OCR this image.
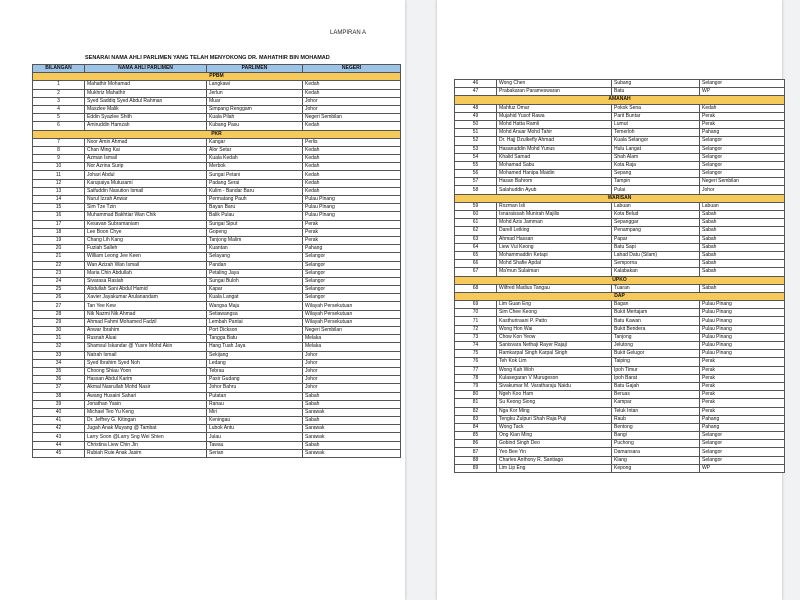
LAMPIRAN A
SENARAI NAMA AHLI PARLIMEN YANG TELAH MENYOKONG DR. MAHATHIR BIN MOHAMAD
BILANGAN	NAMA AHLI PARLIMEN	PARLIMEN	NEGERI
PPBM			
1	Mahathir Mohamad	Langkawi	Kedah
2	Mukhriz Mahathir	Jerlun	Kedah
3	Syed Saddiq Syed Abdul Rahman	Muar	Johor
4	Maszlee Malik	Simpang Renggam	Johor
5	Eddin Syazlee Shith	Kuala Pilah	Negeri Sembilan
6	Amiruddin Hamzah	Kubang Pasu	Kedah
PKR			
7	Noor Amin Ahmad	Kangar	Perlis
8	Chan Ming Kai	Alor Setar	Kedah
9	Azman Ismail	Kuala Kedah	Kedah
10	Nor Azrina Surip	Merbok	Kedah
11	Johari Abdul	Sungai Petani	Kedah
12	Karupaiya Mutusami	Padang Serai	Kedah
13	Saifuddin Nasution Ismail	Kulim - Bandar Baru	Kedah
14	Nurul Izzah Anwar	Permatang Pauh	Pulau Pinang
15	Sim Tze Tzin	Bayan Baru	Pulau Pinang
16	Muhammad Bakhtiar Wan Chik	Balik Pulau	Pulau Pinang
17	Kesavan Subramaniam	Sungai Siput	Perak
18	Lee Boon Chye	Gopeng	Perak
19	Chang Lih Kang	Tanjong Malim	Perak
20	Fuziah Salleh	Kuantan	Pahang
21	William Leong Jee Keen	Selayang	Selangor
22	Wan Azizah Wan Ismail	Pandan	Selangor
23	Maria Chin Abdullah	Petaling Jaya	Selangor
24	Sivarasa Rasiah	Sungai Buloh	Selangor
25	Abdullah Sani Abdul Hamid	Kapar	Selangor
26	Xavier Jayakumar Arulanandam	Kuala Langat	Selangor
27	Tan Yee Kew	Wangsa Maju	Wilayah Persekutuan
28	Nik Nazmi Nik Ahmad	Setiawangsa	Wilayah Persekutuan
29	Ahmad Fahmi Mohamed Fadzil	Lembah Pantai	Wilayah Persekutuan
30	Anwar Ibrahim	Port Dickson	Negeri Sembilan
31	Rusnah Aluai	Tangga Batu	Melaka
32	Shamsul Iskandar @ Yusre Mohd Akin	Hang Tuah Jaya	Melaka
33	Natrah Ismail	Sekijang	Johor
34	Syed Ibrahim Syed Noh	Ledang	Johor
35	Choong Shiau Yoon	Tebrau	Johor
36	Hassan Abdul Karim	Pasir Gudang	Johor
37	Akmal Nasrullah Mohd Nasir	Johor Bahru	Johor
38	Awang Husaini Sahari	Putatan	Sabah
39	Jonathan Yasin	Ranau	Sabah
40	Michael Teo Yu Keng	Miri	Sarawak
41	Dr. Jeffrey G. Kitingan	Keningau	Sabah
42	Jugah Anak Muyang @ Tambat	Lubok Antu	Sarawak
43	Larry Soon @Larry Sng Wei Shien	Julau	Sarawak
44	Christina Liew Chin Jin	Tawau	Sabah
45	Rubiah Ruie Anak Jasim	Serian	Sarawak
46	Wong Chen	Subang	Selangor
47	Prabakaran Parameswaran	Batu	WP
AMANAH			
48	Mahfuz Omar	Pokok Sena	Kedah
49	Mujahid Yusof Rawa	Parit Buntar	Perak
50	Mohd Hatta Ramli	Lumut	Perak
51	Mohd Anuar Mohd Tahir	Temerloh	Pahang
52	Dr. Hajj Dzulkefly Ahmad	Kuala Selangor	Selangor
53	Hasanuddin Mohd Yunus	Hulu Langat	Selangor
54	Khalid Samad	Shah Alam	Selangor
55	Mohamad Sabu	Kota Raja	Selangor
56	Mohamed Hanipa Maidin	Sepang	Selangor
57	Hasan Bahrom	Tampin	Negeri Sembilan
58	Salahuddin Ayub	Pulai	Johor
WARISAN			
59	Rozman Isli	Labuan	Labuan
60	Isnaraissah Munirah Majilis	Kota Belud	Sabah
61	Mohd Azis Jamman	Sepanggar	Sabah
62	Darell Leiking	Penampang	Sabah
63	Ahmad Hassan	Papar	Sabah
64	Liew Vui Keong	Batu Sapi	Sabah
65	Mohammaddin Ketapi	Lahad Datu (Silam)	Sabah
66	Mohd Shafie Apdal	Semporna	Sabah
67	Ma'mun Sulaiman	Kalabakan	Sabah
UPKO			
68	Wilfred Madius Tangau	Tuaran	Sabah
DAP			
69	Lim Guan Eng	Bagan	Pulau Pinang
70	Sim Chee Keong	Bukit Mertajam	Pulau Pinang
71	Kasthuriraani P. Patto	Batu Kawan	Pulau Pinang
72	Wong Hon Wai	Bukit Bendera	Pulau Pinang
73	Chow Kon Yeow	Tanjong	Pulau Pinang
74	Sanisvara Nethaji Rayer Rajaji	Jelutong	Pulau Pinang
75	Ramkarpal Singh Karpal Singh	Bukit Gelugor	Pulau Pinang
76	Teh Kok Lim	Taiping	Perak
77	Wong Kah Woh	Ipoh Timur	Perak
78	Kulasegaran V Murugeson	Ipoh Barat	Perak
79	Sivakumar M. Varatharaju Naidu	Batu Gajah	Perak
80	Ngeh Koo Ham	Beruas	Perak
81	Su Keong Siong	Kampar	Perak
82	Nga Kor Ming	Teluk Intan	Perak
83	Tengku Zulpuri Shah Raja Puji	Raub	Pahang
84	Wong Tack	Bentong	Pahang
85	Ong Kian Ming	Bangi	Selangor
86	Gobind Singh Deo	Puchong	Selangor
87	Yeo Bee Yin	Damansara	Selangor
88	Charles Anthony R. Santiago	Klang	Selangor
89	Lim Lip Eng	Kepong	WP
